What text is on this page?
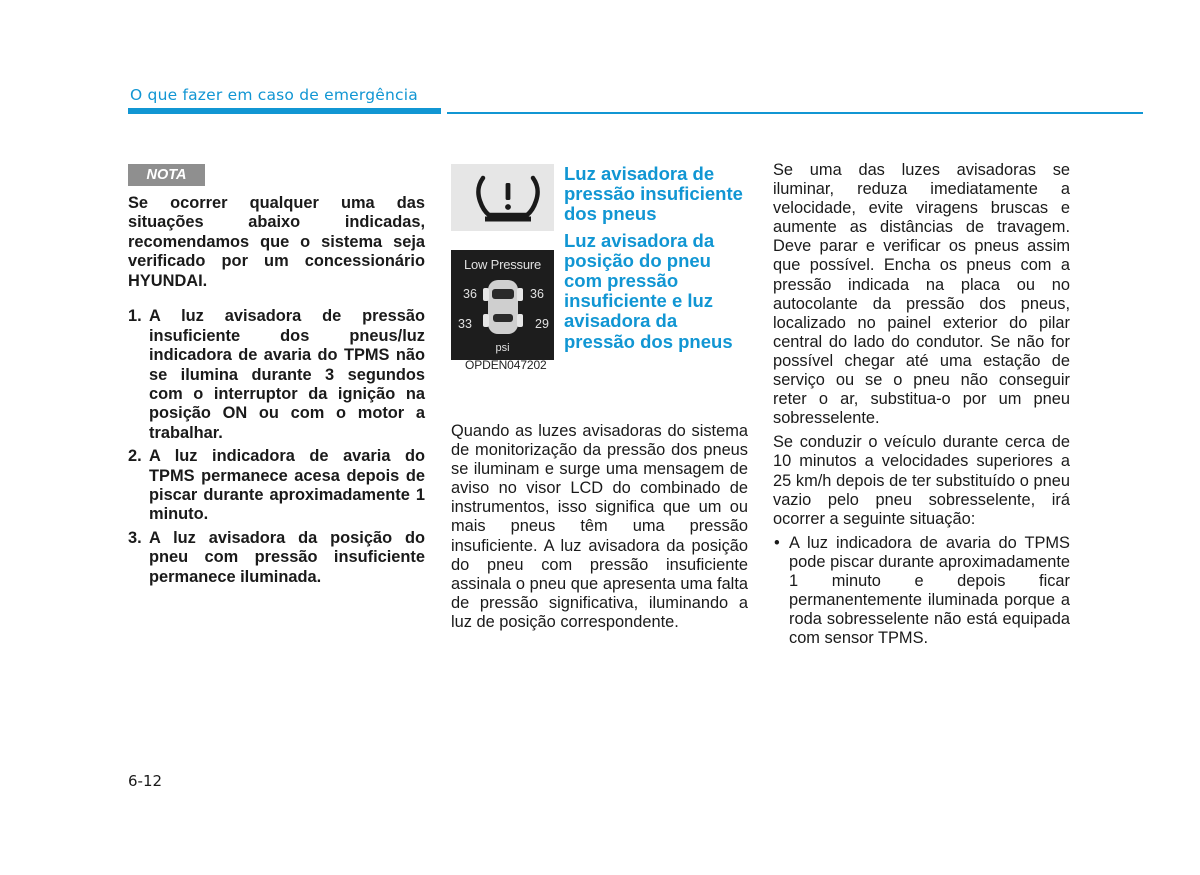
O que fazer em caso de emergência
NOTA

Se ocorrer qualquer uma das situações abaixo indicadas, recomendamos que o sistema seja verificado por um concessionário HYUNDAI.

1. A luz avisadora de pressão insuficiente dos pneus/luz indicadora de avaria do TPMS não se ilumina durante 3 segundos com o interruptor da ignição na posição ON ou com o motor a trabalhar.
2. A luz indicadora de avaria do TPMS permanece acesa depois de piscar durante aproximadamente 1 minuto.
3. A luz avisadora da posição do pneu com pressão insuficiente permanece iluminada.
Low Pressure
36	36
33	29
psi
OPDEN047202

Luz avisadora de pressão insuficiente dos pneus

Luz avisadora da posição do pneu com pressão insuficiente e luz avisadora da pressão dos pneus

Quando as luzes avisadoras do sistema de monitorização da pressão dos pneus se iluminam e surge uma mensagem de aviso no visor LCD do combinado de instrumentos, isso significa que um ou mais pneus têm uma pressão insuficiente. A luz avisadora da posição do pneu com pressão insuficiente assinala o pneu que apresenta uma falta de pressão significativa, iluminando a luz de posição correspondente.

Se uma das luzes avisadoras se iluminar, reduza imediatamente a velocidade, evite viragens bruscas e aumente as distâncias de travagem. Deve parar e verificar os pneus assim que possível. Encha os pneus com a pressão indicada na placa ou no autocolante da pressão dos pneus, localizado no painel exterior do pilar central do lado do condutor. Se não for possível chegar até uma estação de serviço ou se o pneu não conseguir reter o ar, substitua-o por um pneu sobresselente.

Se conduzir o veículo durante cerca de 10 minutos a velocidades superiores a 25 km/h depois de ter substituído o pneu vazio pelo pneu sobresselente, irá ocorrer a seguinte situação:

• A luz indicadora de avaria do TPMS pode piscar durante aproximadamente 1 minuto e depois ficar permanentemente iluminada porque a roda sobresselente não está equipada com sensor TPMS.

6-12
